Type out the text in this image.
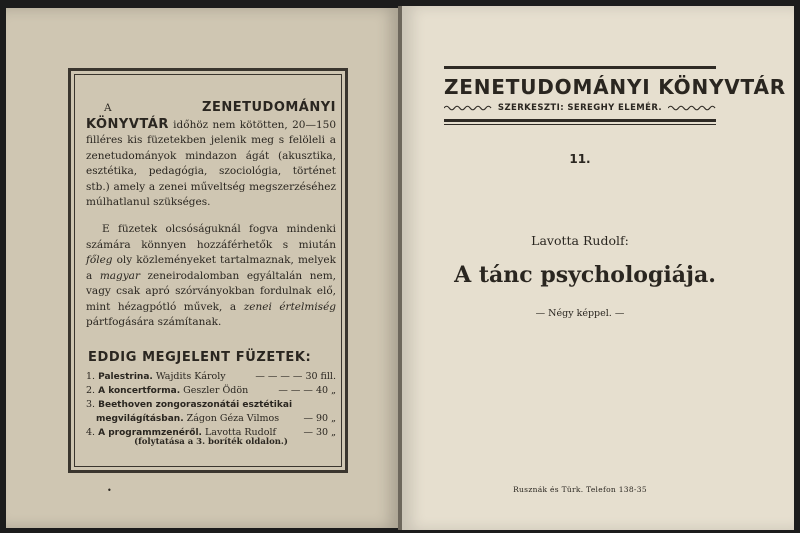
A	ZENETUDOMÁNYI KÖNYVTÁR időhöz nem kötötten, 20—150 filléres kis füzetekben jelenik meg s felöleli a zenetudományok mindazon ágát (akusztika, esztétika, pedagógia, szociológia, történet stb.) amely a zenei műveltség megszerzéséhez múlhatlanul szükséges.
E füzetek olcsóságuknál fogva mindenki számára könnyen hozzáférhetők s miután főleg oly közleményeket tartalmaznak, melyek a magyar zeneirodalomban egyáltalán nem, vagy csak apró szórványokban fordulnak elő, mint hézagpótló művek, a zenei értelmiség pártfogására számítanak.
EDDIG MEGJELENT FÜZETEK:
1. Palestrina. Wajdits Károly	— — — — 30 fill.
2. A koncertforma. Geszler Ödön	— — — 40 „
3. Beethoven zongoraszonátái esztétikai
megvilágításban. Zágon Géza Vilmos	— 90 „
4. A programmzenéről. Lavotta Rudolf	— 30 „
(folytatása a 3. boríték oldalon.)
•
ZENETUDOMÁNYI KÖNYVTÁR
SZERKESZTI: SEREGHY ELEMÉR.
11.
Lavotta Rudolf:
A tánc psychologiája.
— Négy képpel. —
Rusznák és Türk. Telefon 138-35
